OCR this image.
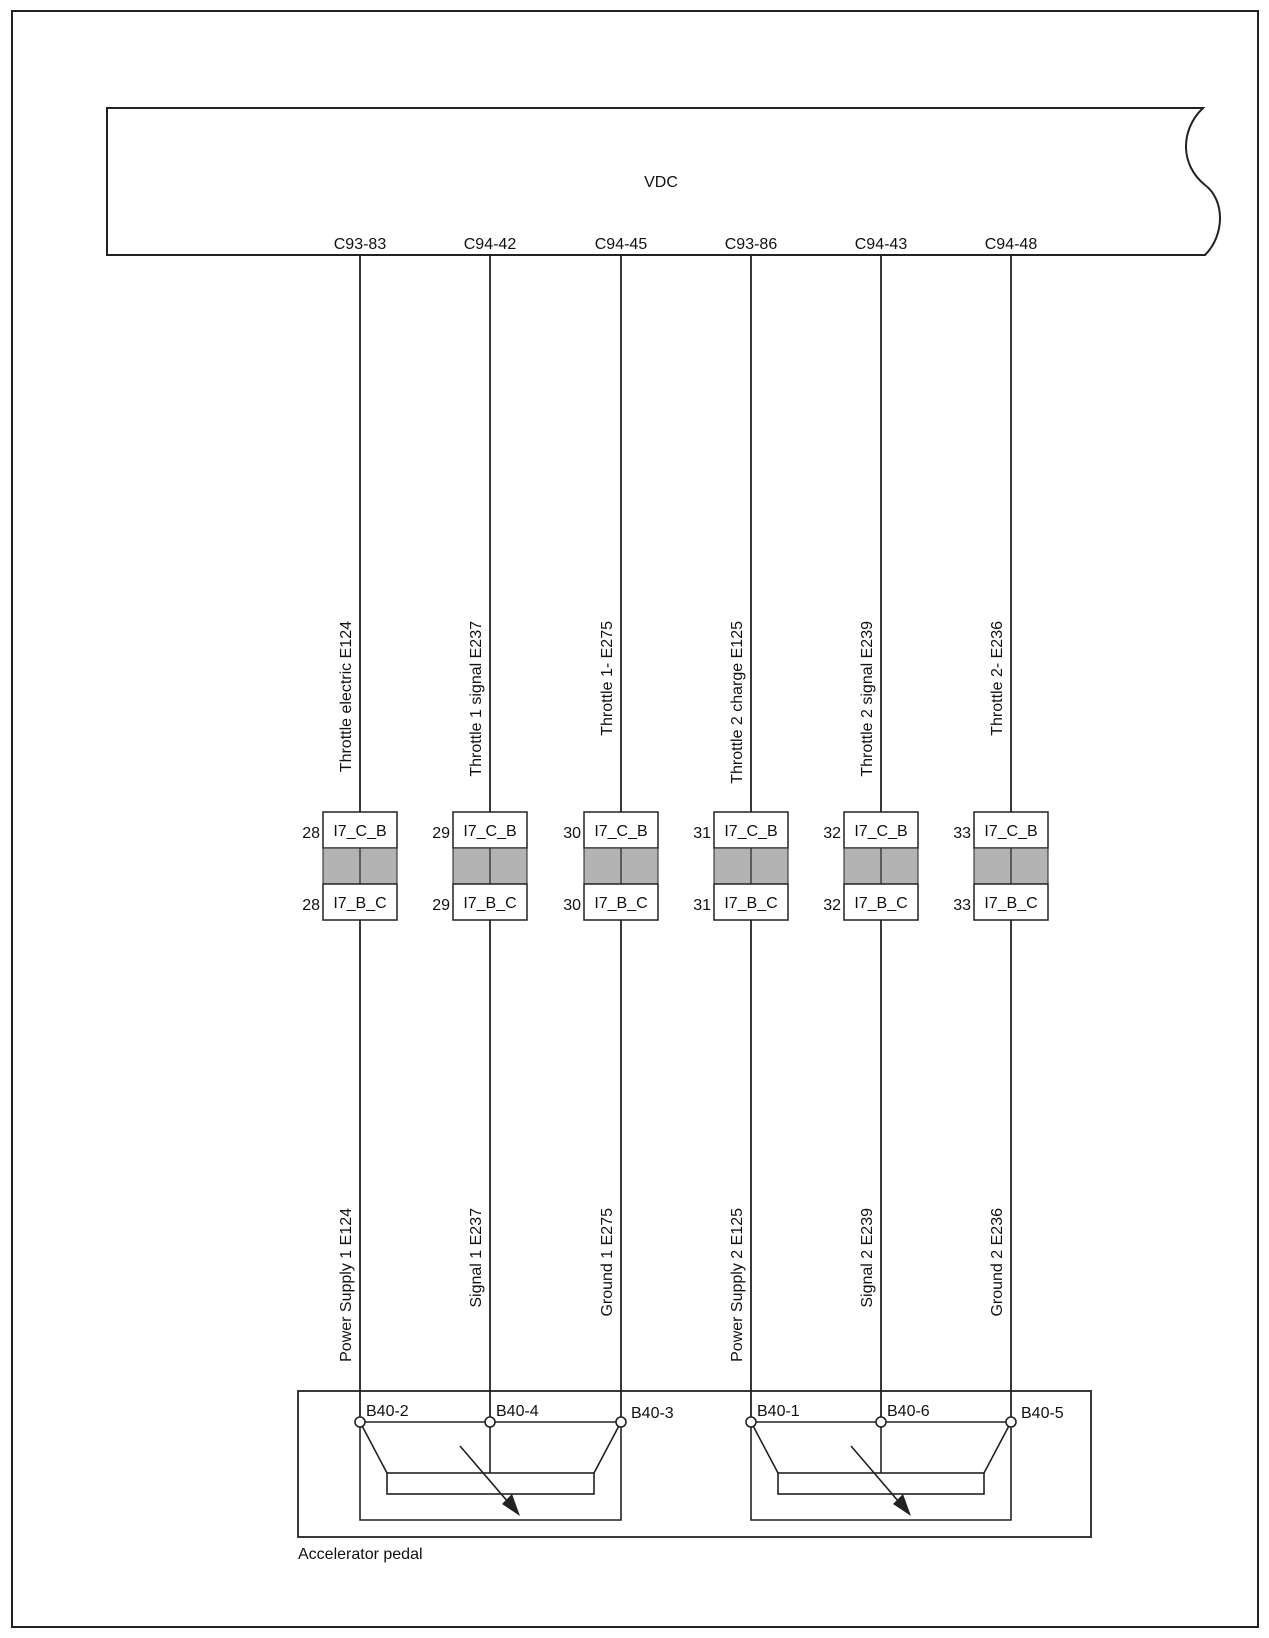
VDC
C93-83
Throttle electric E124
I7_C_B
28
I7_B_C
28
Power Supply 1 E124
B40-2
C94-42
Throttle 1 signal E237
I7_C_B
29
I7_B_C
29
Signal 1 E237
B40-4
C94-45
Throttle 1- E275
I7_C_B
30
I7_B_C
30
Ground 1 E275
B40-3
C93-86
Throttle 2 charge E125
I7_C_B
31
I7_B_C
31
Power Supply 2 E125
B40-1
C94-43
Throttle 2 signal E239
I7_C_B
32
I7_B_C
32
Signal 2 E239
B40-6
C94-48
Throttle 2- E236
I7_C_B
33
I7_B_C
33
Ground 2 E236
B40-5
Accelerator pedal
